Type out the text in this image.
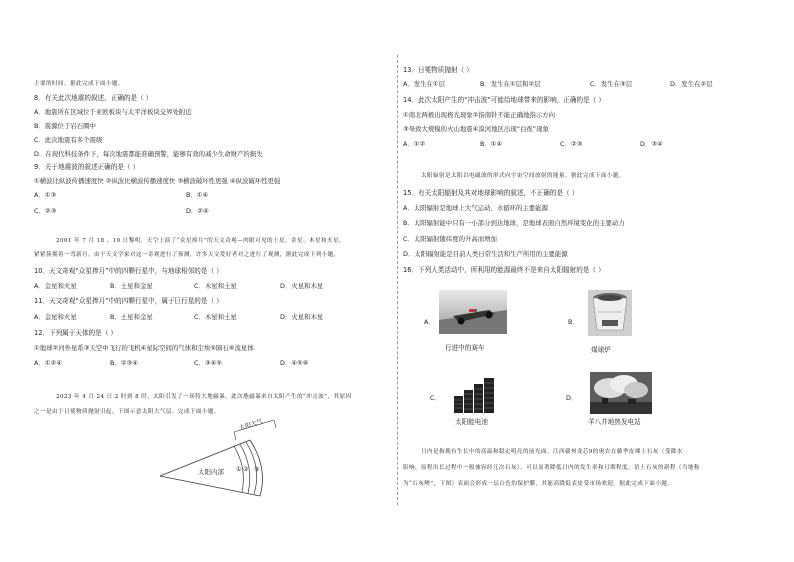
主要的时间。据此完成下面小题。
8．有关此次地震的叙述，正确的是（ ）
A．地震所在区域位于亚欧板块与太平洋板块交界处附近
B．震源位于岩石圈中
C．此次地震有多个震级
D．在现代科技条件下，每次地震都能准确预警，能够有效的减少生命财产的损失
9．关于地震波的叙述正确的是（ ）
①横波比纵波传播速度快 ②纵波比横波传播速度快 ③横波破坏性更强 ④纵波破坏性更强
A．①③	B．①④
C．②③	D．②④
2001 年 7 月 18 、19 日黎明，天空上演了“众星捧月”的天文奇观—肉眼可见的土星、金星、木星和火星，
紧紧簇拥着一弯新月，由于天文学家对这一奇观进行了预测，许多天文爱好者对之进行了观测，据此完成下列小题。
10．天文奇观“众星捧月”中的四颗行星中，与地球相邻的是（ ）
A．金星和火星	B．土星和金星	C．木星和土星	D．火星和木星
11．天文奇观“众星捧月”中的四颗行星中，属于巨行星的是（ ）
A．金星和火星	B．土星和金星	C．木星和土星	D．火星和木星
12．下列属于天体的是（ ）
①地球②河外星系③天空中飞行的飞机④星际空间的气体和尘埃⑤陨石⑥流星体
A．①②④	B．②③④	C．③④⑤	D．④⑤⑥
2023 年 4 月 24 日 2 时到 8 时，太阳引发了一场特大地磁暴，此次地磁暴来自太阳产生的“冲击波”，其原因
之一是由于日冕物质抛射引起。下图示意太阳大气层。完成下面小题。
太阳大气
太阳内部 ① ② ③
13．日冕物质抛射（ ）
A．发生在①层	B．发生在①层和②层	C．发生在③层	D．发生在②层
14．此次太阳产生的“冲击波”可能给地球带来的影响，正确的是（ ）
①南北两极出现极光现象②指南针不能正确地指示方向
③导致大规模的火山地震④漠河地区出现“白夜”现象
A．①②	B．①④	C．②③	D．③④
太阳辐射是太阳以电磁波的形式向宇宙空间放射的能量。据此完成下面小题。
15．有关太阳辐射及其对地球影响的叙述，不正确的是（ ）
A．太阳辐射是地球上大气运动、水循环的主要能源
B．太阳辐射能中只有一小部分到达地球，是地球表面自然环境变化的主要动力
C．太阳辐射随纬度的升高而增加
D．太阳辐射能是目前人类日常生活和生产所用的主要能源
16．下列人类活动中，所利用的能源最终不是来自太阳辐射的是（ ）
A．
行进中的赛车
B．
煤球炉
C．
太阳能电池
D．
羊八井地热发电站
日内是指拥有生长中的高温和稳定明亮的前光面。江西赣州龙芯9的奥农在藤季皮裸土石灰（受降水
影响，原程出长过程中一般兼容经几次石灰）。可以显著降低日内的发生率和日期程度。语土石灰的新程（当地称
为“石灰鲤”，下图）表面会形成一层白色的保护膜，其能高降低表皮受市场欢迎。据此完成下面小题。
